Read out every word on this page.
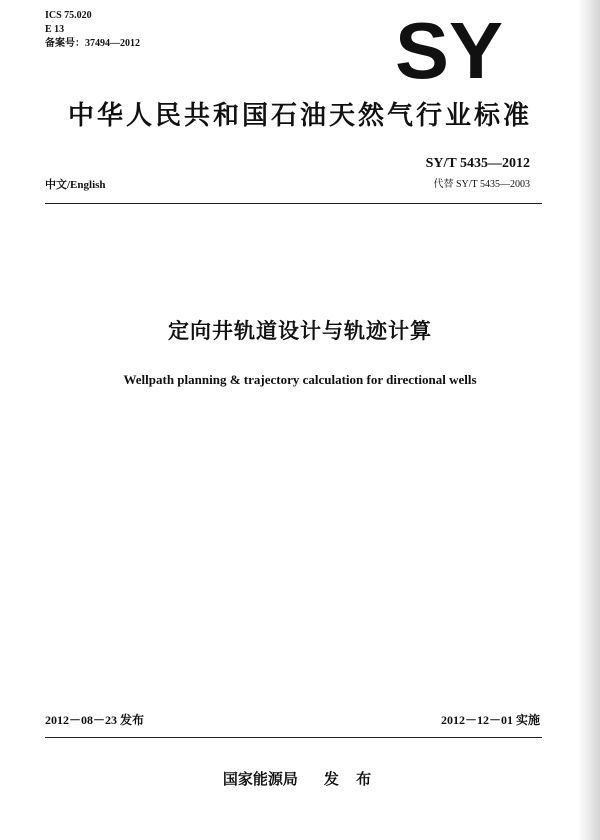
ICS 75.020
E 13
备案号：37494—2012	SY
中华人民共和国石油天然气行业标准
SY/T 5435—2012
代替 SY/T 5435—2003
中文/English
定向井轨道设计与轨迹计算
Wellpath planning & trajectory calculation for directional wells
2012－08－23 发布	2012－12－01 实施
国家能源局 发 布
